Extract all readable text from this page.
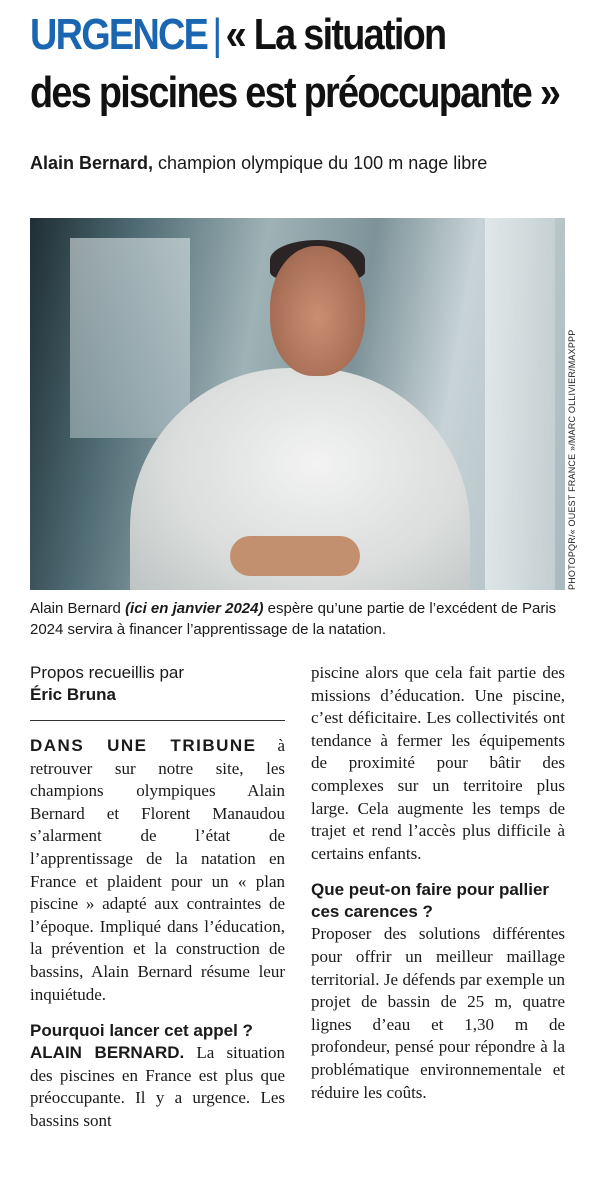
URGENCE | « La situation
des piscines est préoccupante »
Alain Bernard, champion olympique du 100 m nage libre
PHOTOPQR/« OUEST FRANCE »/MARC OLLIVIER/MAXPPP
Alain Bernard (ici en janvier 2024) espère qu’une partie de l’excédent de Paris 2024 servira à financer l’apprentissage de la natation.
Propos recueillis par
Éric Bruna

DANS UNE TRIBUNE à retrouver sur notre site, les champions olympiques Alain Bernard et Florent Manaudou s’alarment de l’état de l’apprentissage de la natation en France et plaident pour un « plan piscine » adapté aux contraintes de l’époque. Impliqué dans l’éducation, la prévention et la construction de bassins, Alain Bernard résume leur inquiétude.

Pourquoi lancer cet appel ?

ALAIN BERNARD. La situation des piscines en France est plus que préoccupante. Il y a urgence. Les bassins sont

piscine alors que cela fait partie des missions d’éducation. Une piscine, c’est déficitaire. Les collectivités ont tendance à fermer les équipements de proximité pour bâtir des complexes sur un territoire plus large. Cela augmente les temps de trajet et rend l’accès plus difficile à certains enfants.

Que peut-on faire pour pallier ces carences ?

Proposer des solutions différentes pour offrir un meilleur maillage territorial. Je défends par exemple un projet de bassin de 25 m, quatre lignes d’eau et 1,30 m de profondeur, pensé pour répondre à la problématique environnementale et réduire les coûts.
